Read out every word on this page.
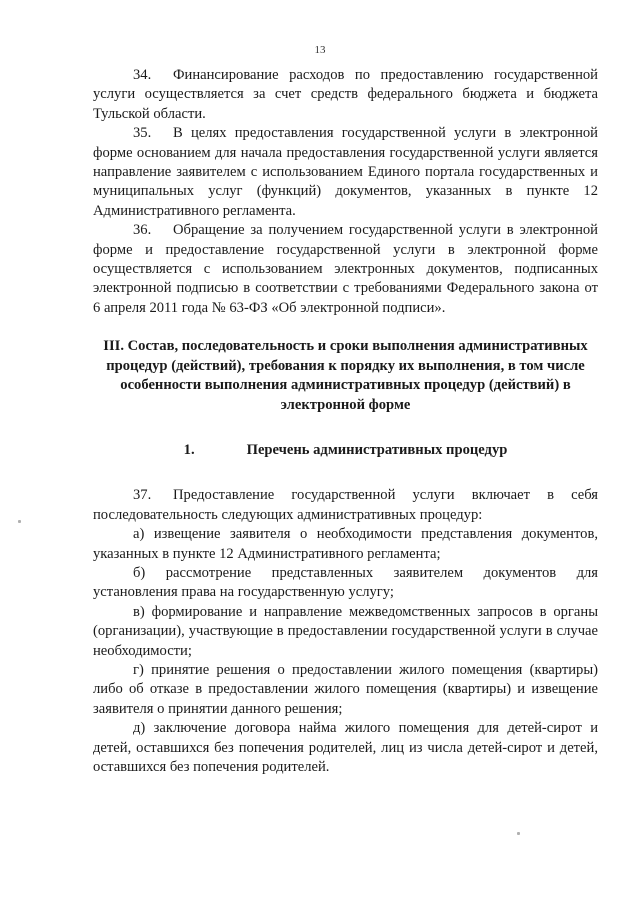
13

34. Финансирование расходов по предоставлению государственной услуги осуществляется за счет средств федерального бюджета и бюджета Тульской области.

35. В целях предоставления государственной услуги в электронной форме основанием для начала предоставления государственной услуги является направление заявителем с использованием Единого портала государственных и муниципальных услуг (функций) документов, указанных в пункте 12 Административного регламента.

36. Обращение за получением государственной услуги в электронной форме и предоставление государственной услуги в электронной форме осуществляется с использованием электронных документов, подписанных электронной подписью в соответствии с требованиями Федерального закона от 6 апреля 2011 года № 63-ФЗ «Об электронной подписи».

III. Состав, последовательность и сроки выполнения административных процедур (действий), требования к порядку их выполнения, в том числе особенности выполнения административных процедур (действий) в электронной форме
1.	Перечень административных процедур

37. Предоставление государственной услуги включает в себя последовательность следующих административных процедур:

а) извещение заявителя о необходимости представления документов, указанных в пункте 12 Административного регламента;

б) рассмотрение представленных заявителем документов для установления права на государственную услугу;

в) формирование и направление межведомственных запросов в органы (организации), участвующие в предоставлении государственной услуги в случае необходимости;

г) принятие решения о предоставлении жилого помещения (квартиры) либо об отказе в предоставлении жилого помещения (квартиры) и извещение заявителя о принятии данного решения;

д) заключение договора найма жилого помещения для детей-сирот и детей, оставшихся без попечения родителей, лиц из числа детей-сирот и детей, оставшихся без попечения родителей.
